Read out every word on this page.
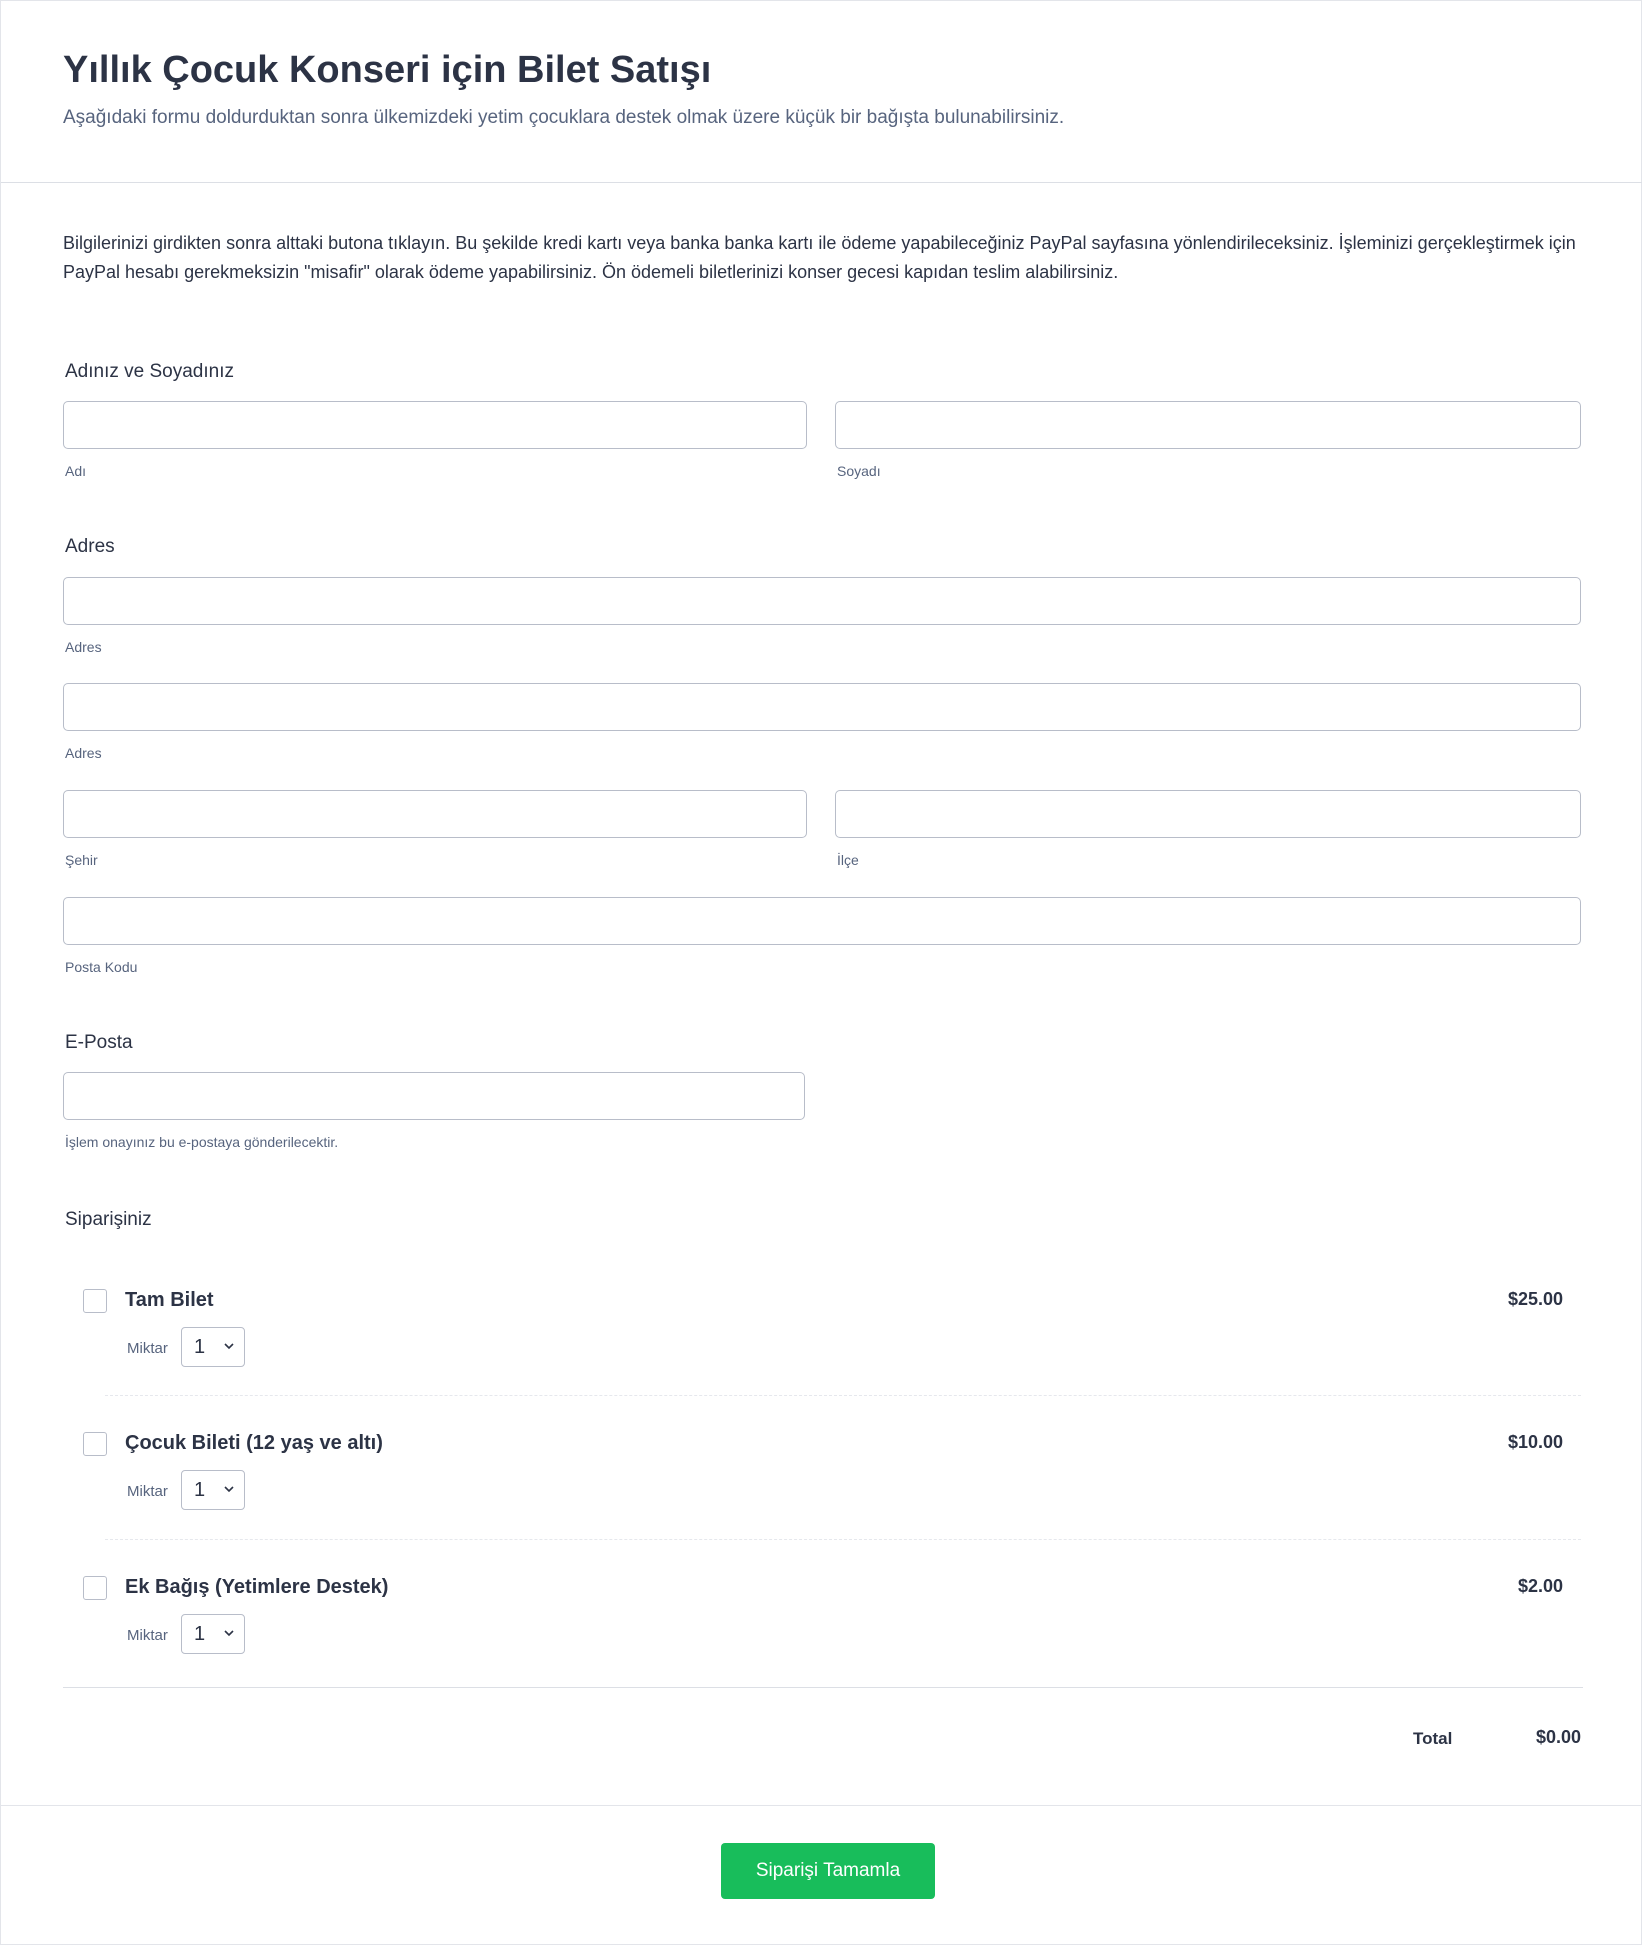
Yıllık Çocuk Konseri için Bilet Satışı

Aşağıdaki formu doldurduktan sonra ülkemizdeki yetim çocuklara destek olmak üzere küçük bir bağışta bulunabilirsiniz.

Bilgilerinizi girdikten sonra alttaki butona tıklayın. Bu şekilde kredi kartı veya banka banka kartı ile ödeme yapabileceğiniz PayPal sayfasına yönlendirileceksiniz. İşleminizi gerçekleştirmek için PayPal hesabı gerekmeksizin "misafir" olarak ödeme yapabilirsiniz. Ön ödemeli biletlerinizi konser gecesi kapıdan teslim alabilirsiniz.

Adınız ve Soyadınız
Adı	Soyadı
Adres
Adres
Adres
Şehir	İlçe
Posta Kodu
E-Posta
İşlem onayınız bu e-postaya gönderilecektir.
Siparişiniz
Tam Bilet	$25.00
Miktar 1
Çocuk Bileti (12 yaş ve altı)	$10.00
Miktar 1
Ek Bağış (Yetimlere Destek)	$2.00
Miktar 1
Total	$0.00
Siparişi Tamamla
